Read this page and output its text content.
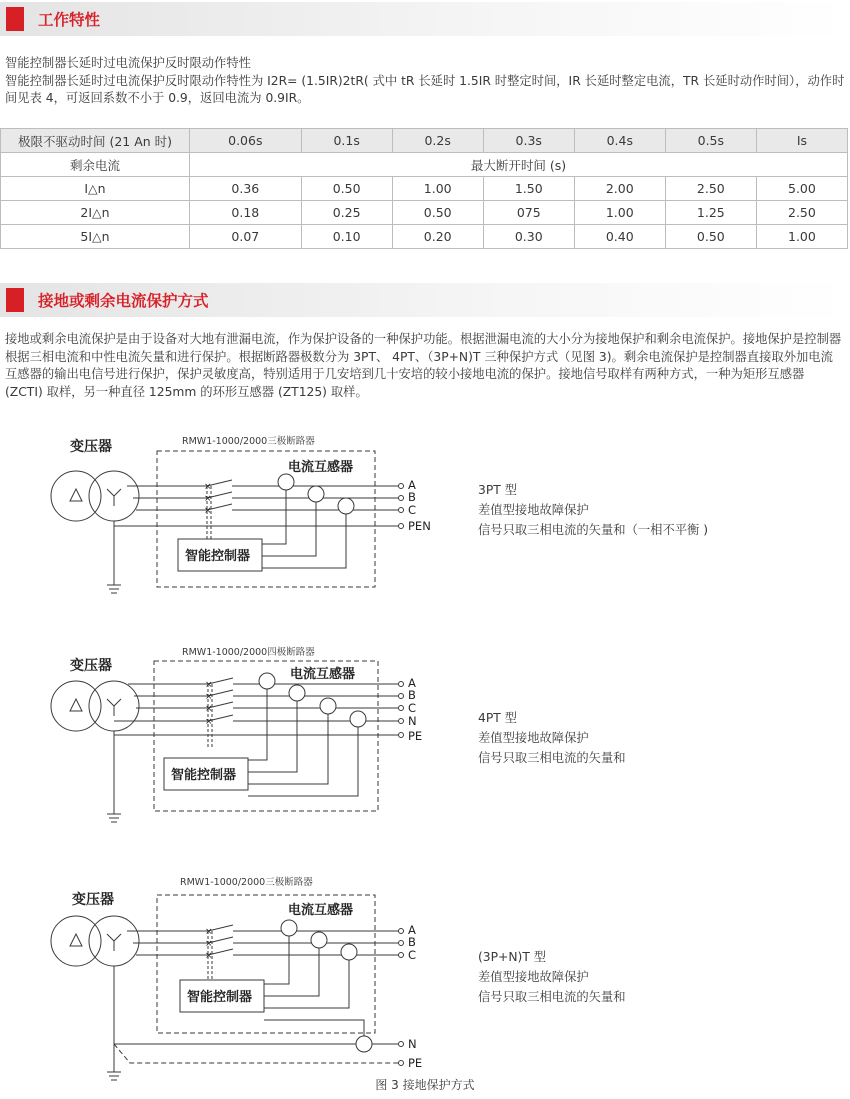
工作特性

智能控制器长延时过电流保护反时限动作特性

智能控制器长延时过电流保护反时限动作特性为 I2R= (1.5IR)2tR( 式中 tR 长延时 1.5IR 时整定时间，IR 长延时整定电流，TR 长延时动作时间），动作时间见表 4，可返回系数不小于 0.9，返回电流为 0.9IR。

极限不驱动时间 (21 An 时)	0.06s	0.1s	0.2s	0.3s	0.4s	0.5s	Is
剩余电流	最大断开时间 (s)						
I△n	0.36	0.50	1.00	1.50	2.00	2.50	5.00
2I△n	0.18	0.25	0.50	075	1.00	1.25	2.50
5I△n	0.07	0.10	0.20	0.30	0.40	0.50	1.00
接地或剩余电流保护方式

接地或剩余电流保护是由于设备对大地有泄漏电流，作为保护设备的一种保护功能。根据泄漏电流的大小分为接地保护和剩余电流保护。接地保护是控制器根据三相电流和中性电流矢量和进行保护。根据断路器极数分为 3PT、 4PT、（3P+N)T 三种保护方式（见图 3)。剩余电流保护是控制器直接取外加电流互感器的输出电信号进行保护，保护灵敏度高，特别适用于几安培到几十安培的较小接地电流的保护。接地信号取样有两种方式，一种为矩形互感器 (ZCTI) 取样，另一种直径 125mm 的环形互感器 (ZT125) 取样。

变压器	RMW1-1000/2000三极断路器
电流互感器
×
×
×
智能控制器
A
B
C
PEN
变压器
RMW1-1000/2000四极断路器
电流互感器
×
×
×
×
智能控制器
A
B
C
N
PE
变压器
RMW1-1000/2000三极断路器
电流互感器
×
×
×
智能控制器
A
B
C
N
PE
3PT 型
差值型接地故障保护
信号只取三相电流的矢量和（一相不平衡 )
4PT 型
差值型接地故障保护
信号只取三相电流的矢量和
(3P+N)T 型
差值型接地故障保护
信号只取三相电流的矢量和
图 3 接地保护方式
